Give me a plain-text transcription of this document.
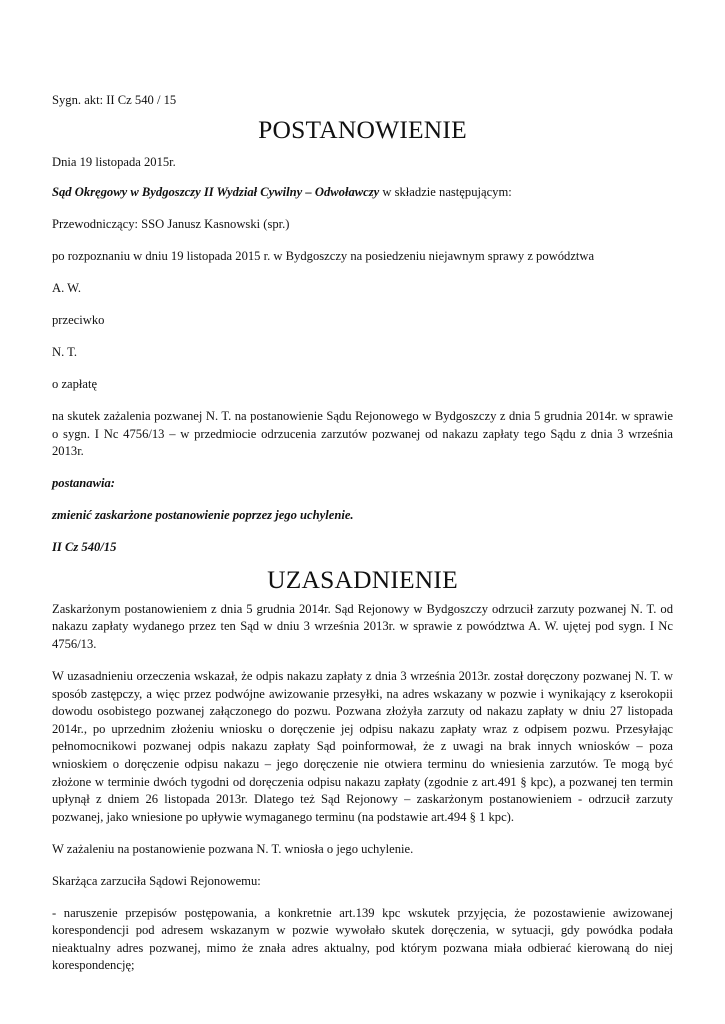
Sygn. akt: II Cz 540 / 15

POSTANOWIENIE

Dnia 19 listopada 2015r.

Sąd Okręgowy w Bydgoszczy II Wydział Cywilny – Odwoławczy w składzie następującym:

Przewodniczący: SSO Janusz Kasnowski (spr.)

po rozpoznaniu w dniu 19 listopada 2015 r. w Bydgoszczy na posiedzeniu niejawnym sprawy z powództwa

A. W.

przeciwko

N. T.

o zapłatę

na skutek zażalenia pozwanej N. T. na postanowienie Sądu Rejonowego w Bydgoszczy z dnia 5 grudnia 2014r. w sprawie o sygn. I Nc 4756/13 – w przedmiocie odrzucenia zarzutów pozwanej od nakazu zapłaty tego Sądu z dnia 3 września 2013r.

postanawia:

zmienić zaskarżone postanowienie poprzez jego uchylenie.

II Cz 540/15

UZASADNIENIE

Zaskarżonym postanowieniem z dnia 5 grudnia 2014r. Sąd Rejonowy w Bydgoszczy odrzucił zarzuty pozwanej N. T. od nakazu zapłaty wydanego przez ten Sąd w dniu 3 września 2013r. w sprawie z powództwa A. W. ujętej pod sygn. I Nc 4756/13.

W uzasadnieniu orzeczenia wskazał, że odpis nakazu zapłaty z dnia 3 września 2013r. został doręczony pozwanej N. T. w sposób zastępczy, a więc przez podwójne awizowanie przesyłki, na adres wskazany w pozwie i wynikający z kserokopii dowodu osobistego pozwanej załączonego do pozwu. Pozwana złożyła zarzuty od nakazu zapłaty w dniu 27 listopada 2014r., po uprzednim złożeniu wniosku o doręczenie jej odpisu nakazu zapłaty wraz z odpisem pozwu. Przesyłając pełnomocnikowi pozwanej odpis nakazu zapłaty Sąd poinformował, że z uwagi na brak innych wniosków – poza wnioskiem o doręczenie odpisu nakazu – jego doręczenie nie otwiera terminu do wniesienia zarzutów. Te mogą być złożone w terminie dwóch tygodni od doręczenia odpisu nakazu zapłaty (zgodnie z art.491 § kpc), a pozwanej ten termin upłynął z dniem 26 listopada 2013r. Dlatego też Sąd Rejonowy – zaskarżonym postanowieniem - odrzucił zarzuty pozwanej, jako wniesione po upływie wymaganego terminu (na podstawie art.494 § 1 kpc).

W zażaleniu na postanowienie pozwana N. T. wniosła o jego uchylenie.

Skarżąca zarzuciła Sądowi Rejonowemu:

- naruszenie przepisów postępowania, a konkretnie art.139 kpc wskutek przyjęcia, że pozostawienie awizowanej korespondencji pod adresem wskazanym w pozwie wywołało skutek doręczenia, w sytuacji, gdy powódka podała nieaktualny adres pozwanej, mimo że znała adres aktualny, pod którym pozwana miała odbierać kierowaną do niej korespondencję;
